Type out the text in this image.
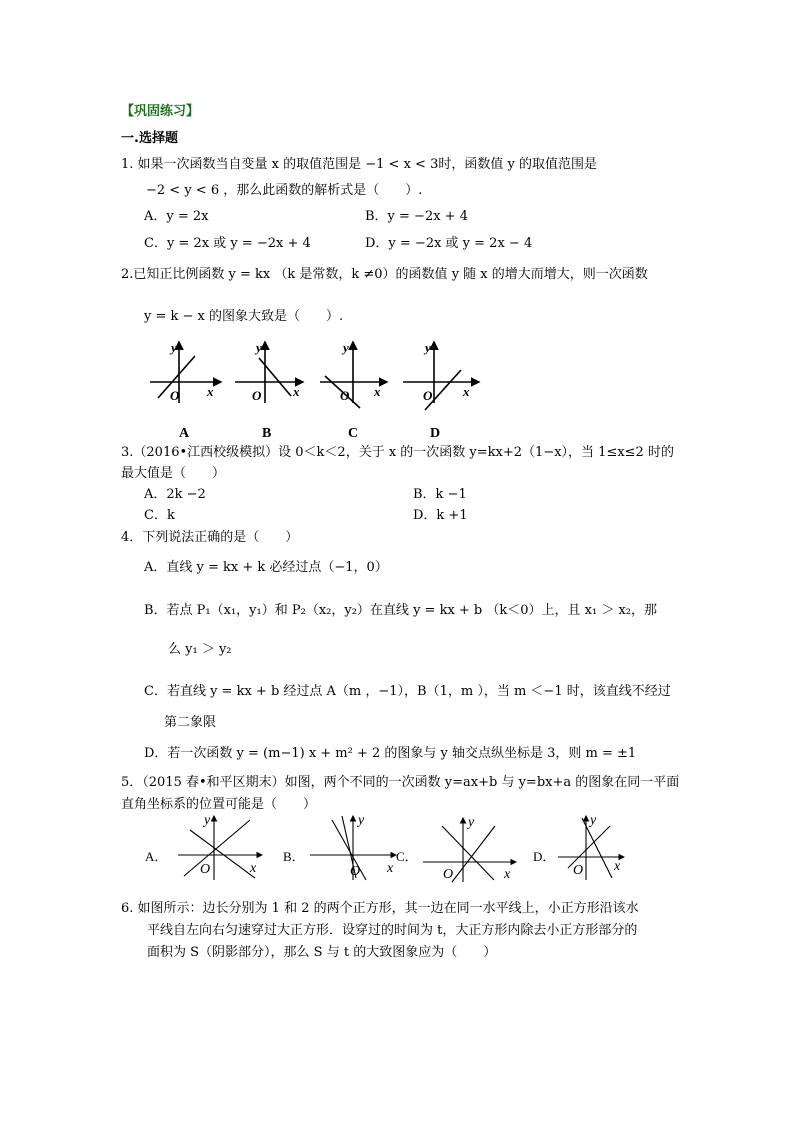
【巩固练习】
一.选择题
1. 如果一次函数当自变量 x 的取值范围是 −1 < x < 3时，函数值 y 的取值范围是
−2 < y < 6 ，那么此函数的解析式是（　　）.
A．y = 2x	B．y = −2x + 4
C．y = 2x 或 y = −2x + 4	D．y = −2x 或 y = 2x − 4
2.已知正比例函数 y = kx （k 是常数，k ≠0）的函数值 y 随 x 的增大而增大，则一次函数
y = k − x 的图象大致是（　　）.
y
x
O
A
y
x
O
B
y
x
O
C
y
x
O
D
3.（2016•江西校级模拟）设 0＜k＜2，关于 x 的一次函数 y=kx+2（1−x），当 1≤x≤2 时的
最大值是（　　）
A．2k −2	B．k −1
C．k	D．k +1
4．下列说法正确的是（　　）
A．直线 y = kx + k 必经过点（−1，0）
B．若点 P₁（x₁，y₁）和 P₂（x₂，y₂）在直线 y = kx + b （k＜0）上，且 x₁ ＞ x₂，那
么 y₁ ＞ y₂
C．若直线 y = kx + b 经过点 A（m ，−1），B（1，m ），当 m ＜−1 时，该直线不经过
第二象限
D．若一次函数 y = (m−1) x + m² + 2 的图象与 y 轴交点纵坐标是 3，则 m = ±1
5．（2015 春•和平区期末）如图，两个不同的一次函数 y=ax+b 与 y=bx+a 的图象在同一平面
直角坐标系的位置可能是（　　）
A．
y
x
O
B．
y
x
O
C．
y
x
O
D．
y
x
O
6. 如图所示：边长分别为 1 和 2 的两个正方形，其一边在同一水平线上，小正方形沿该水
平线自左向右匀速穿过大正方形．设穿过的时间为 t，大正方形内除去小正方形部分的
面积为 S（阴影部分），那么 S 与 t 的大致图象应为（　　）
